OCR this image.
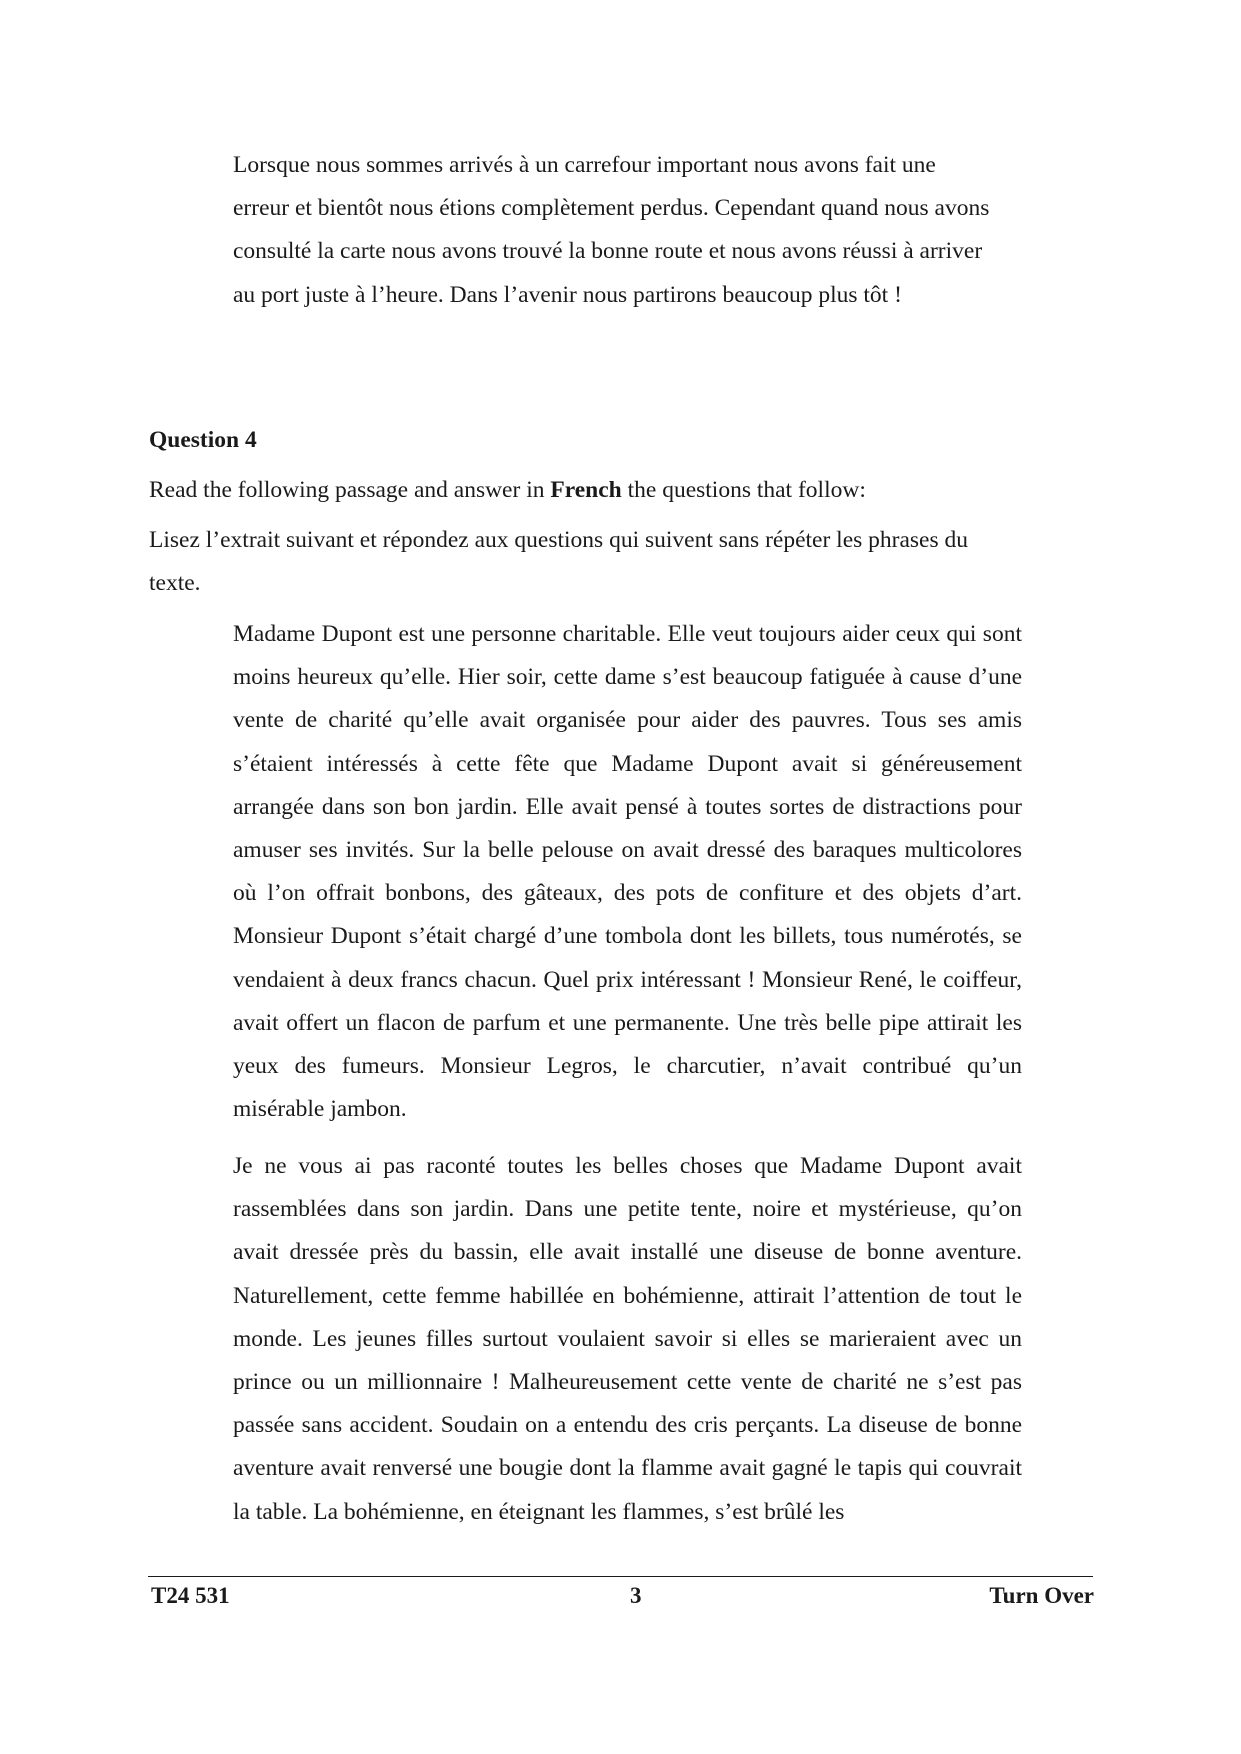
Lorsque nous sommes arrivés à un carrefour important nous avons fait une erreur et bientôt nous étions complètement perdus. Cependant quand nous avons consulté la carte nous avons trouvé la bonne route et nous avons réussi à arriver au port juste à l’heure. Dans l’avenir nous partirons beaucoup plus tôt !

Question 4

Read the following passage and answer in French the questions that follow:

Lisez l’extrait suivant et répondez aux questions qui suivent sans répéter les phrases du texte.

Madame Dupont est une personne charitable. Elle veut toujours aider ceux qui sont moins heureux qu’elle. Hier soir, cette dame s’est beaucoup fatiguée à cause d’une vente de charité qu’elle avait organisée pour aider des pauvres. Tous ses amis s’étaient intéressés à cette fête que Madame Dupont avait si généreusement arrangée dans son bon jardin. Elle avait pensé à toutes sortes de distractions pour amuser ses invités. Sur la belle pelouse on avait dressé des baraques multicolores où l’on offrait bonbons, des gâteaux, des pots de confiture et des objets d’art. Monsieur Dupont s’était chargé d’une tombola dont les billets, tous numérotés, se vendaient à deux francs chacun. Quel prix intéressant ! Monsieur René, le coiffeur, avait offert un flacon de parfum et une permanente. Une très belle pipe attirait les yeux des fumeurs. Monsieur Legros, le charcutier, n’avait contribué qu’un misérable jambon.

Je ne vous ai pas raconté toutes les belles choses que Madame Dupont avait rassemblées dans son jardin. Dans une petite tente, noire et mystérieuse, qu’on avait dressée près du bassin, elle avait installé une diseuse de bonne aventure. Naturellement, cette femme habillée en bohémienne, attirait l’attention de tout le monde. Les jeunes filles surtout voulaient savoir si elles se marieraient avec un prince ou un millionnaire ! Malheureusement cette vente de charité ne s’est pas passée sans accident. Soudain on a entendu des cris perçants. La diseuse de bonne aventure avait renversé une bougie dont la flamme avait gagné le tapis qui couvrait la table. La bohémienne, en éteignant les flammes, s’est brûlé les

T24 531	3	Turn Over
